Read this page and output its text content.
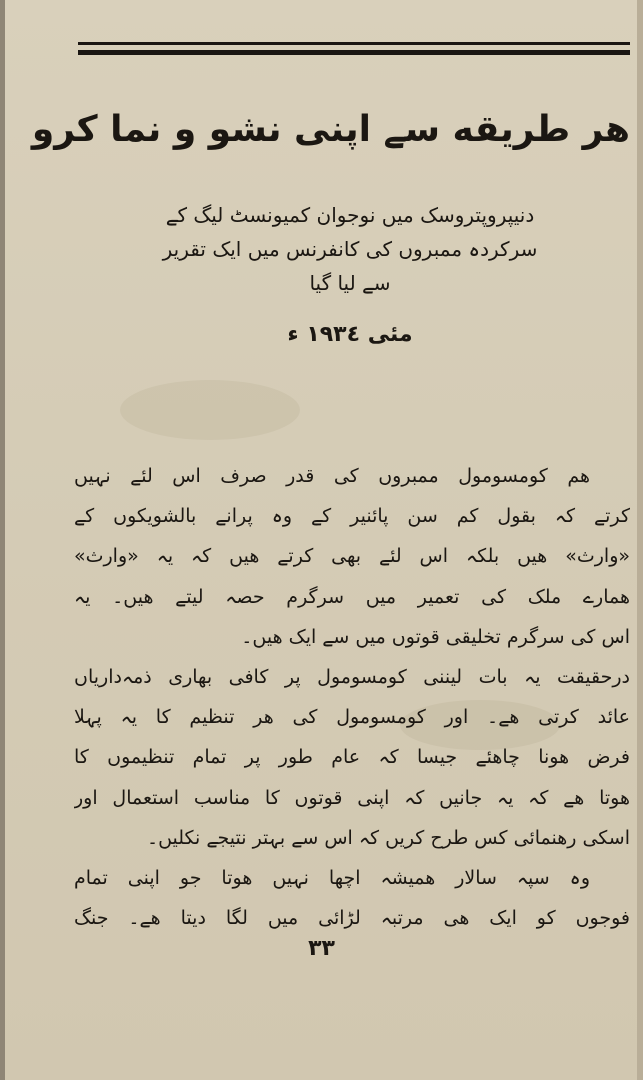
ھر طریقه سے اپنی نشو و نما کرو
دنیپروپتروسک میں نوجوان کمیونسٹ لیگ کے
سرکردہ ممبروں کی کانفرنس میں ایک تقریر
سے لیا گیا
مئی ۱۹۳٤ ء
هم کومسومول ممبروں کی قدر صرف اس لئے نہیں
کرتے کہ بقول کم سن پائنیر کے وہ پرانے بالشویکوں کے
«وارث» ھیں بلکہ اس لئے بھی کرتے ھیں کہ یہ «وارث»
ھمارے ملک کی تعمیر میں سرگرم حصہ لیتے ھیں۔ یہ
اس کی سرگرم تخلیقی قوتوں میں سے ایک ھیں۔
درحقیقت یہ بات لیننی کومسومول پر کافی بھاری ذمہ‌داریاں
عائد کرتی ھے۔ اور کومسومول کی ھر تنظیم کا یہ پہلا
فرض ھونا چاھئے جیسا کہ عام طور پر تمام تنظیموں کا
ھوتا ھے کہ یہ جانیں کہ اپنی قوتوں کا مناسب استعمال اور
اسکی رھنمائی کس طرح کریں کہ اس سے بہتر نتیجے نکلیں۔
وہ سپہ سالار ھمیشہ اچھا نہیں ھوتا جو اپنی تمام
فوجوں کو ایک ھی مرتبہ لڑائی میں لگا دیتا ھے۔ جنگ
۳۳
